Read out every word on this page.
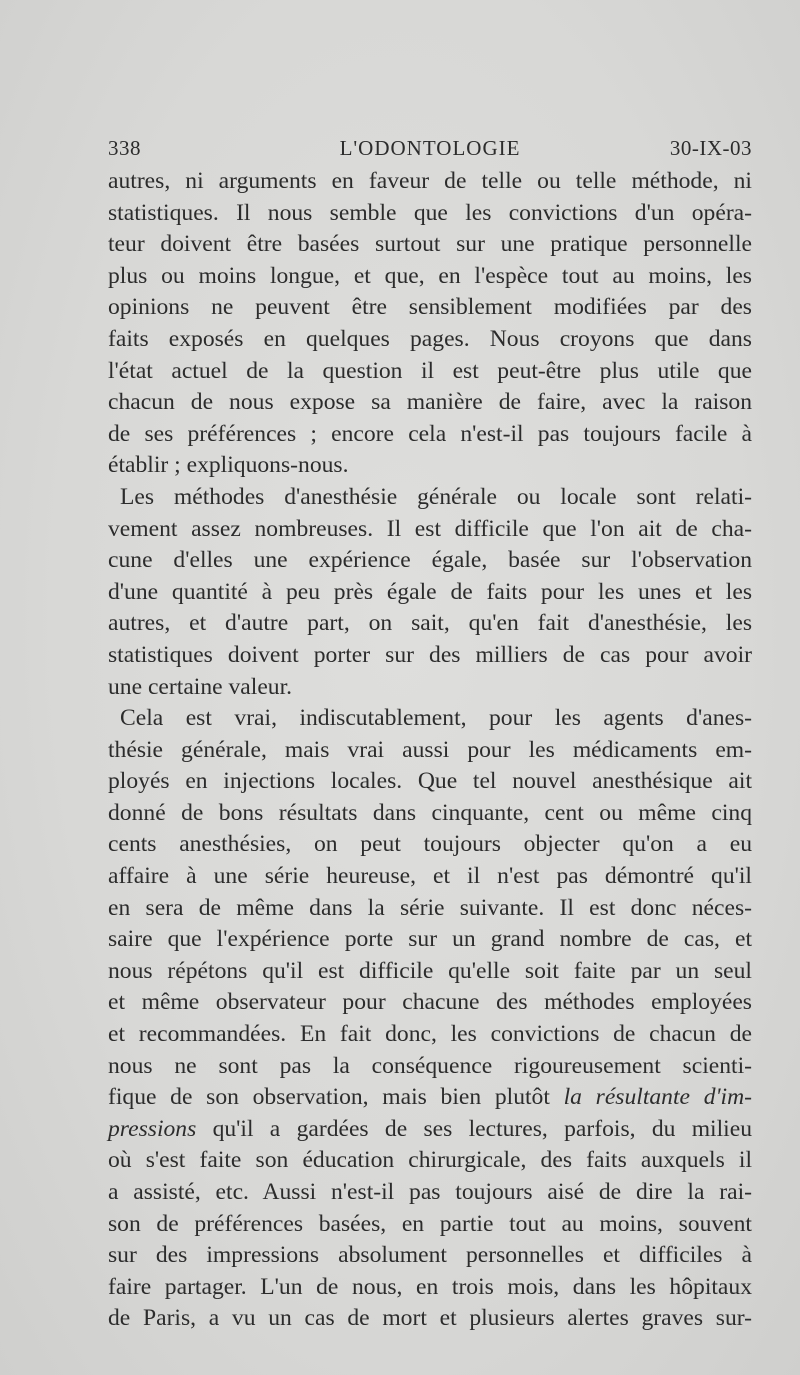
338	L'ODONTOLOGIE	30-IX-03
autres, ni arguments en faveur de telle ou telle méthode, ni
statistiques. Il nous semble que les convictions d'un opéra-
teur doivent être basées surtout sur une pratique personnelle
plus ou moins longue, et que, en l'espèce tout au moins, les
opinions ne peuvent être sensiblement modifiées par des
faits exposés en quelques pages. Nous croyons que dans
l'état actuel de la question il est peut-être plus utile que
chacun de nous expose sa manière de faire, avec la raison
de ses préférences ; encore cela n'est-il pas toujours facile à
établir ; expliquons-nous.
Les méthodes d'anesthésie générale ou locale sont relati-
vement assez nombreuses. Il est difficile que l'on ait de cha-
cune d'elles une expérience égale, basée sur l'observation
d'une quantité à peu près égale de faits pour les unes et les
autres, et d'autre part, on sait, qu'en fait d'anesthésie, les
statistiques doivent porter sur des milliers de cas pour avoir
une certaine valeur.
Cela est vrai, indiscutablement, pour les agents d'anes-
thésie générale, mais vrai aussi pour les médicaments em-
ployés en injections locales. Que tel nouvel anesthésique ait
donné de bons résultats dans cinquante, cent ou même cinq
cents anesthésies, on peut toujours objecter qu'on a eu
affaire à une série heureuse, et il n'est pas démontré qu'il
en sera de même dans la série suivante. Il est donc néces-
saire que l'expérience porte sur un grand nombre de cas, et
nous répétons qu'il est difficile qu'elle soit faite par un seul
et même observateur pour chacune des méthodes employées
et recommandées. En fait donc, les convictions de chacun de
nous ne sont pas la conséquence rigoureusement scienti-
fique de son observation, mais bien plutôt la résultante d'im-
pressions qu'il a gardées de ses lectures, parfois, du milieu
où s'est faite son éducation chirurgicale, des faits auxquels il
a assisté, etc. Aussi n'est-il pas toujours aisé de dire la rai-
son de préférences basées, en partie tout au moins, souvent
sur des impressions absolument personnelles et difficiles à
faire partager. L'un de nous, en trois mois, dans les hôpitaux
de Paris, a vu un cas de mort et plusieurs alertes graves sur-
